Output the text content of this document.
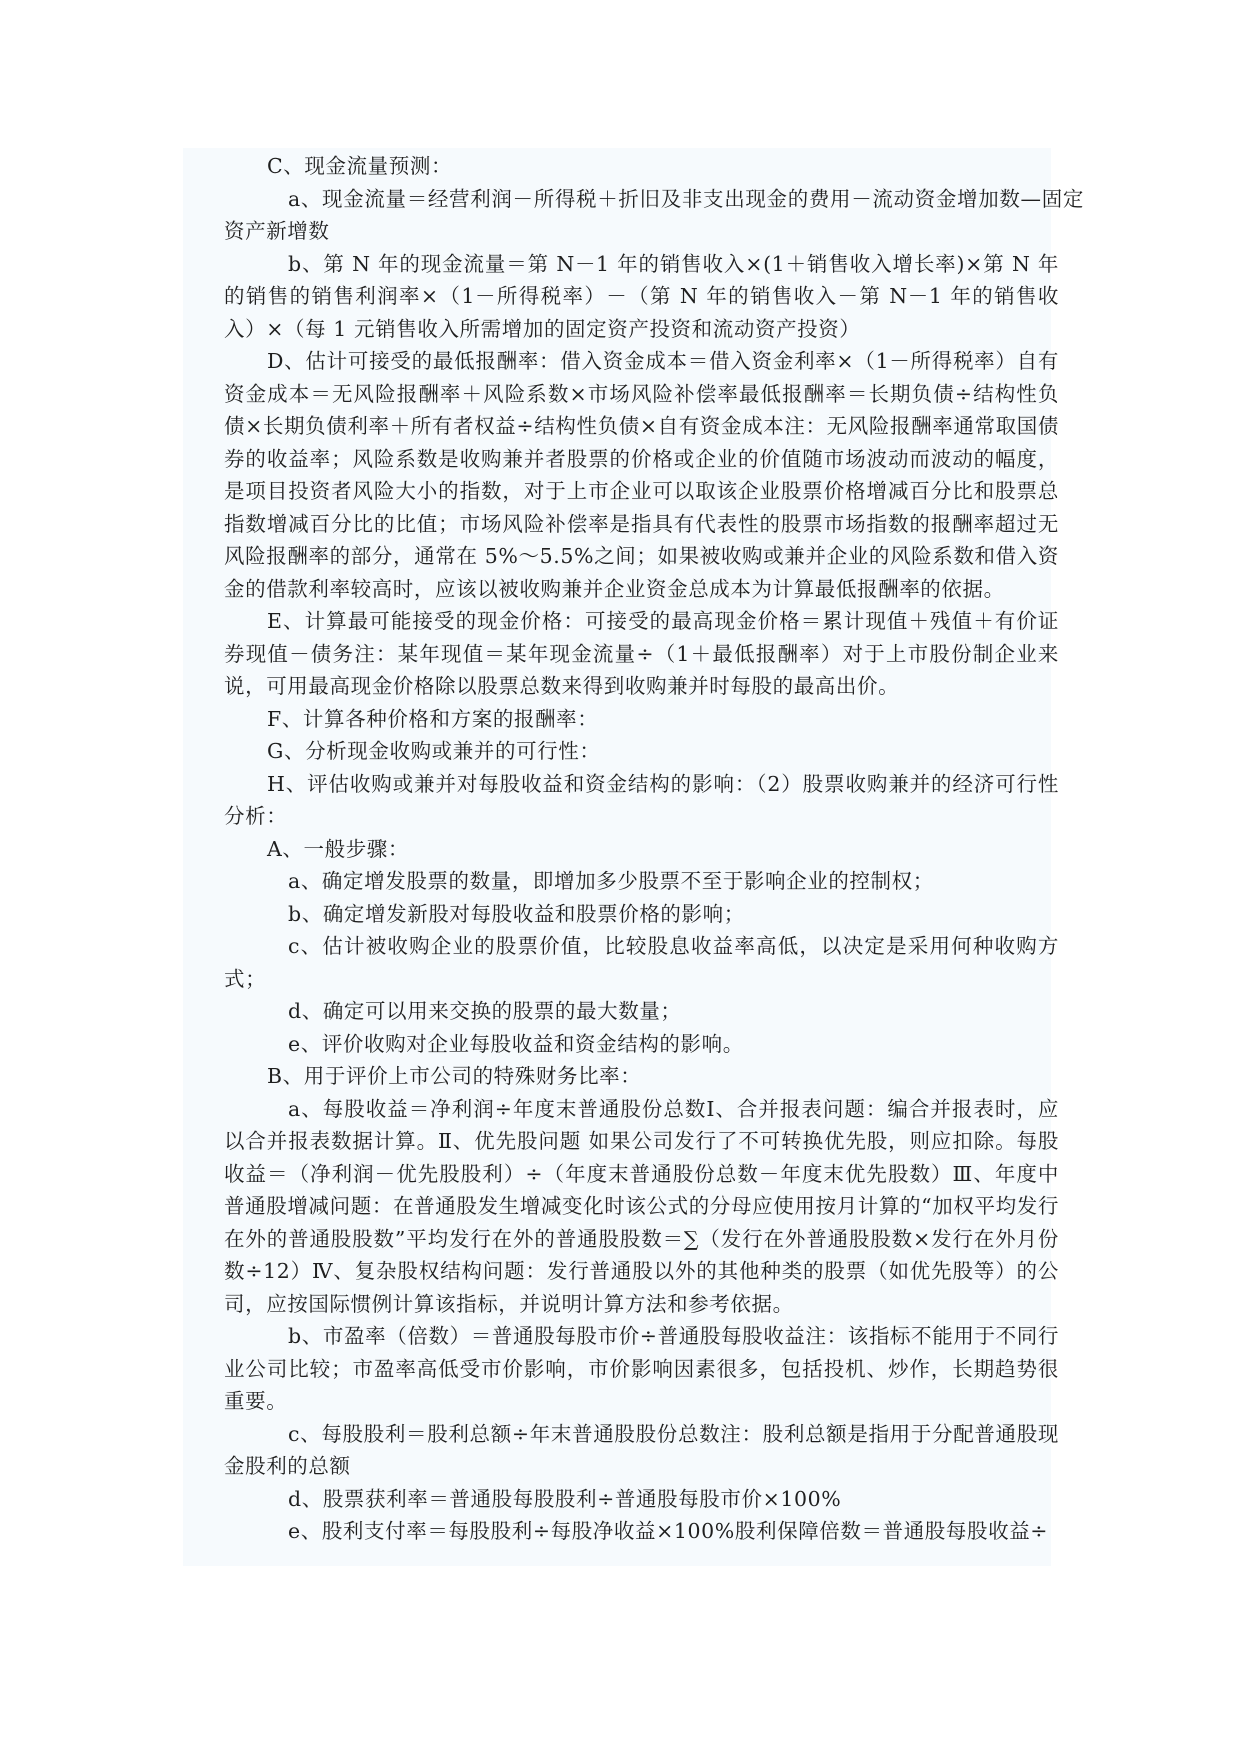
C、现金流量预测：

a、现金流量＝经营利润－所得税＋折旧及非支出现金的费用－流动资金增加数—固定资产新增数

b、第 N 年的现金流量＝第 N－1 年的销售收入×(1＋销售收入增长率)×第 N 年的销售的销售利润率×（1－所得税率）－（第 N 年的销售收入－第 N－1 年的销售收入）×（每 1 元销售收入所需增加的固定资产投资和流动资产投资）

D、估计可接受的最低报酬率：借入资金成本＝借入资金利率×（1－所得税率）自有资金成本＝无风险报酬率＋风险系数×市场风险补偿率最低报酬率＝长期负债÷结构性负债×长期负债利率＋所有者权益÷结构性负债×自有资金成本注：无风险报酬率通常取国债券的收益率；风险系数是收购兼并者股票的价格或企业的价值随市场波动而波动的幅度，是项目投资者风险大小的指数，对于上市企业可以取该企业股票价格增减百分比和股票总指数增减百分比的比值；市场风险补偿率是指具有代表性的股票市场指数的报酬率超过无风险报酬率的部分，通常在 5%～5.5%之间；如果被收购或兼并企业的风险系数和借入资金的借款利率较高时，应该以被收购兼并企业资金总成本为计算最低报酬率的依据。

E、计算最可能接受的现金价格：可接受的最高现金价格＝累计现值＋残值＋有价证券现值－债务注：某年现值＝某年现金流量÷（1＋最低报酬率）对于上市股份制企业来说，可用最高现金价格除以股票总数来得到收购兼并时每股的最高出价。

F、计算各种价格和方案的报酬率：

G、分析现金收购或兼并的可行性：

H、评估收购或兼并对每股收益和资金结构的影响：（2）股票收购兼并的经济可行性分析：

A、一般步骤：

a、确定增发股票的数量，即增加多少股票不至于影响企业的控制权；

b、确定增发新股对每股收益和股票价格的影响；

c、估计被收购企业的股票价值，比较股息收益率高低，以决定是采用何种收购方式；

d、确定可以用来交换的股票的最大数量；

e、评价收购对企业每股收益和资金结构的影响。

B、用于评价上市公司的特殊财务比率：

a、每股收益＝净利润÷年度末普通股份总数Ⅰ、合并报表问题：编合并报表时，应以合并报表数据计算。Ⅱ、优先股问题 如果公司发行了不可转换优先股，则应扣除。每股收益＝（净利润－优先股股利）÷（年度末普通股份总数－年度末优先股数）Ⅲ、年度中普通股增减问题：在普通股发生增减变化时该公式的分母应使用按月计算的“加权平均发行在外的普通股股数”平均发行在外的普通股股数＝∑（发行在外普通股股数×发行在外月份数÷12）Ⅳ、复杂股权结构问题：发行普通股以外的其他种类的股票（如优先股等）的公司，应按国际惯例计算该指标，并说明计算方法和参考依据。

b、市盈率（倍数）＝普通股每股市价÷普通股每股收益注：该指标不能用于不同行业公司比较；市盈率高低受市价影响，市价影响因素很多，包括投机、炒作，长期趋势很重要。

c、每股股利＝股利总额÷年末普通股股份总数注：股利总额是指用于分配普通股现金股利的总额

d、股票获利率＝普通股每股股利÷普通股每股市价×100%

e、股利支付率＝每股股利÷每股净收益×100%股利保障倍数＝普通股每股收益÷
